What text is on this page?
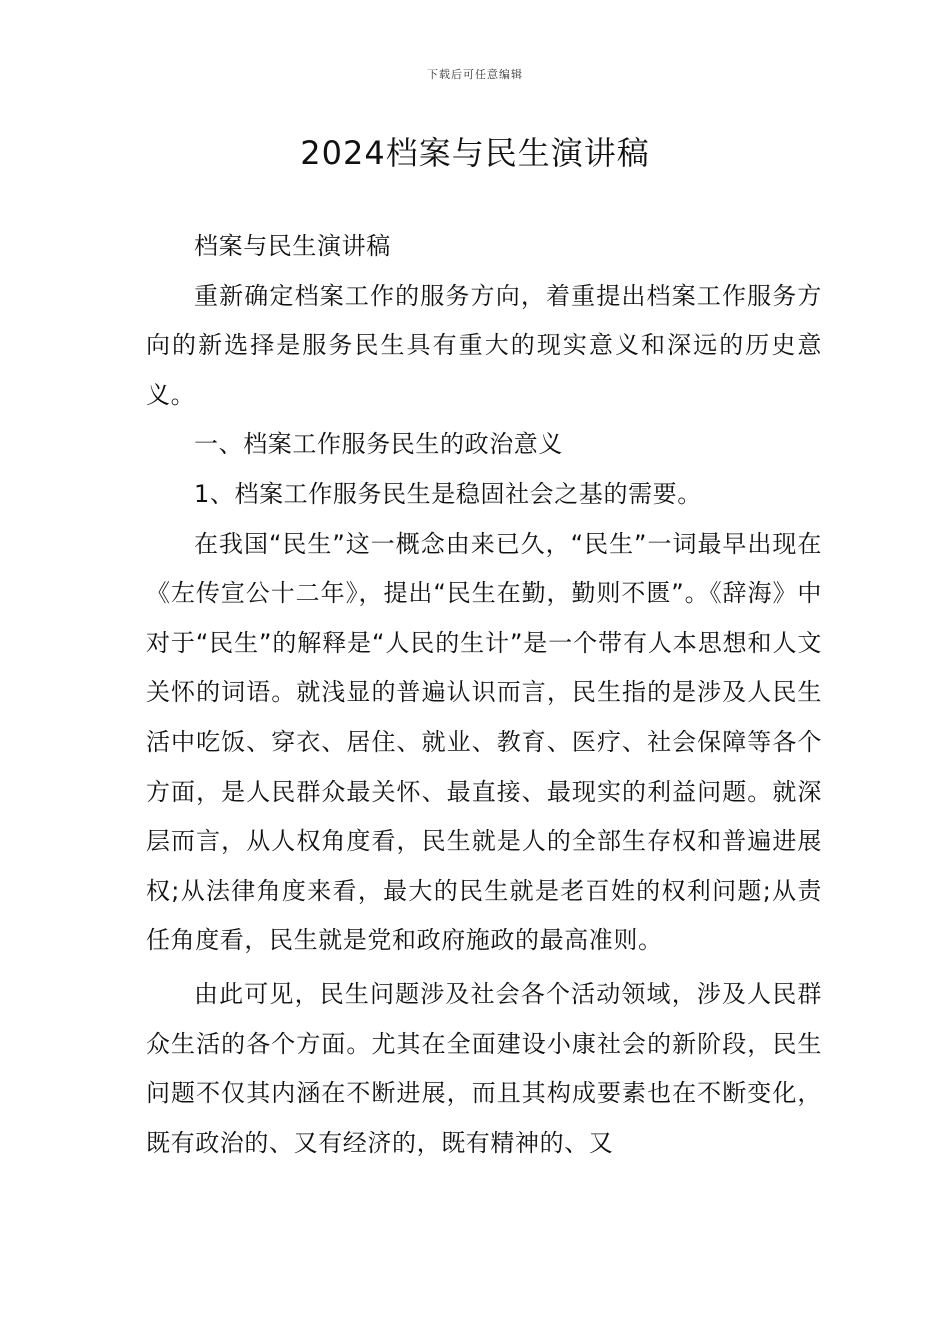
下载后可任意编辑
2024档案与民生演讲稿

档案与民生演讲稿

重新确定档案工作的服务方向，着重提出档案工作服务方向的新选择是服务民生具有重大的现实意义和深远的历史意义。

一、档案工作服务民生的政治意义

1、档案工作服务民生是稳固社会之基的需要。

在我国“民生”这一概念由来已久，“民生”一词最早出现在《左传宣公十二年》，提出“民生在勤，勤则不匮”。《辞海》中对于“民生”的解释是“人民的生计”是一个带有人本思想和人文关怀的词语。就浅显的普遍认识而言，民生指的是涉及人民生活中吃饭、穿衣、居住、就业、教育、医疗、社会保障等各个方面，是人民群众最关怀、最直接、最现实的利益问题。就深层而言，从人权角度看，民生就是人的全部生存权和普遍进展权;从法律角度来看，最大的民生就是老百姓的权利问题;从责任角度看，民生就是党和政府施政的最高准则。

由此可见，民生问题涉及社会各个活动领域，涉及人民群众生活的各个方面。尤其在全面建设小康社会的新阶段，民生问题不仅其内涵在不断进展，而且其构成要素也在不断变化，既有政治的、又有经济的，既有精神的、又
